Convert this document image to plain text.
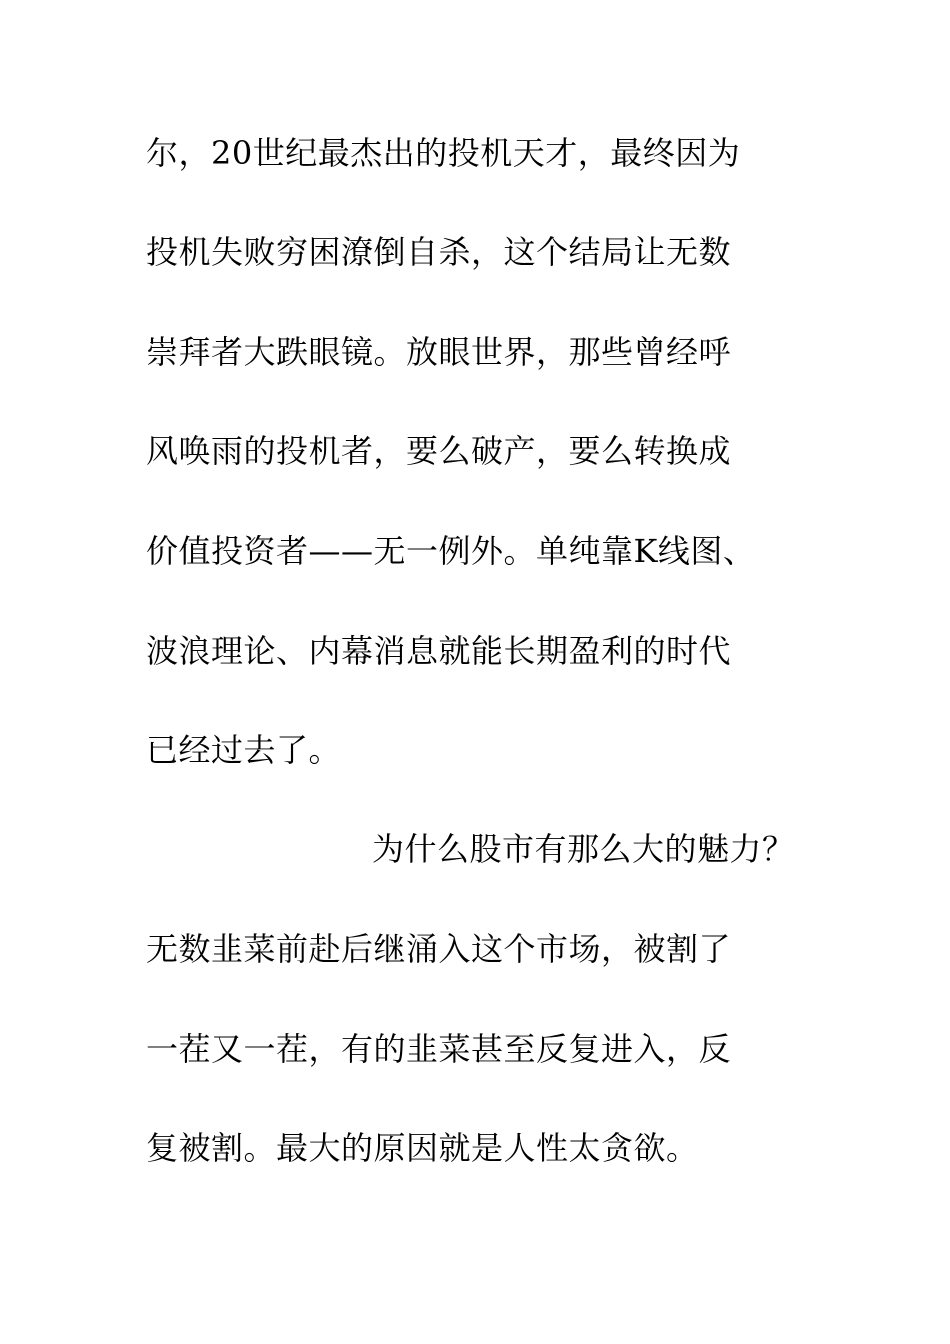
尔，20世纪最杰出的投机天才，最终因为
投机失败穷困潦倒自杀，这个结局让无数
崇拜者大跌眼镜。放眼世界，那些曾经呼
风唤雨的投机者，要么破产，要么转换成
价值投资者——无一例外。单纯靠K线图、
波浪理论、内幕消息就能长期盈利的时代
已经过去了。
为什么股市有那么大的魅力？
无数韭菜前赴后继涌入这个市场，被割了
一茬又一茬，有的韭菜甚至反复进入，反
复被割。最大的原因就是人性太贪欲。
